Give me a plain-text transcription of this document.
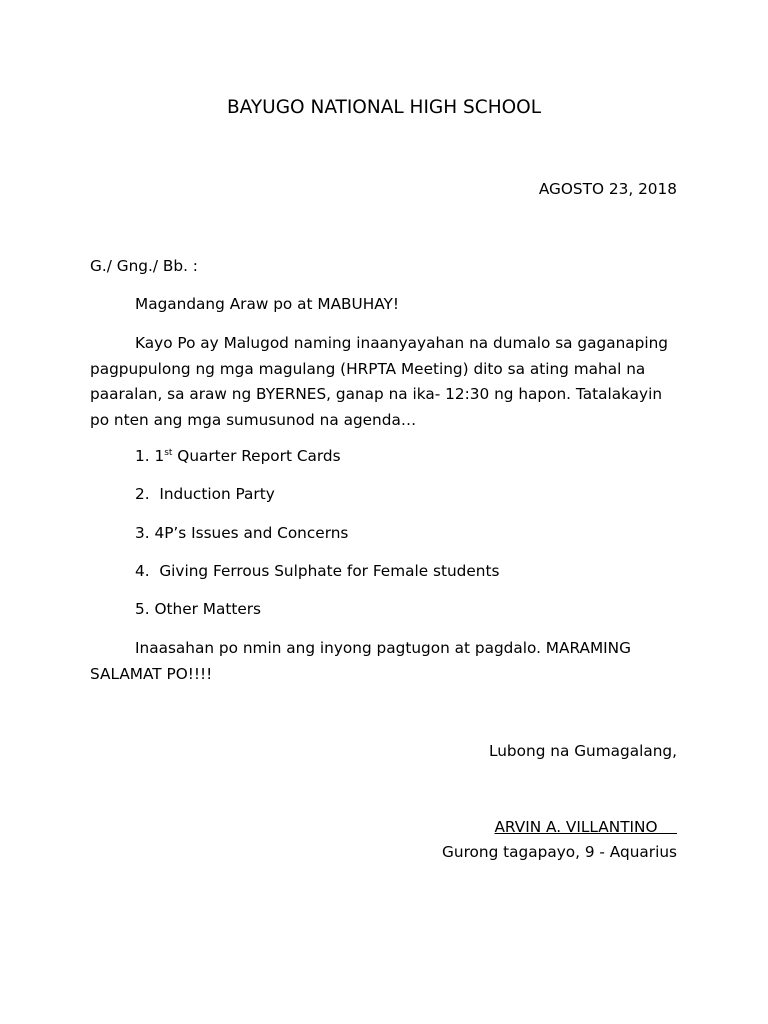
BAYUGO NATIONAL HIGH SCHOOL
AGOSTO 23, 2018
G./ Gng./ Bb. :
Magandang Araw po at MABUHAY!
Kayo Po ay Malugod naming inaanyayahan na dumalo sa gaganaping pagpupulong ng mga magulang (HRPTA Meeting) dito sa ating mahal na paaralan, sa araw ng BYERNES, ganap na ika- 12:30 ng hapon. Tatalakayin po nten ang mga sumusunod na agenda…
1. 1st Quarter Report Cards
2.  Induction Party
3. 4P’s Issues and Concerns
4.  Giving Ferrous Sulphate for Female students
5. Other Matters
Inaasahan po nmin ang inyong pagtugon at pagdalo. MARAMING SALAMAT PO!!!!
Lubong na Gumagalang,
ARVIN A. VILLANTINO
Gurong tagapayo, 9 - Aquarius
